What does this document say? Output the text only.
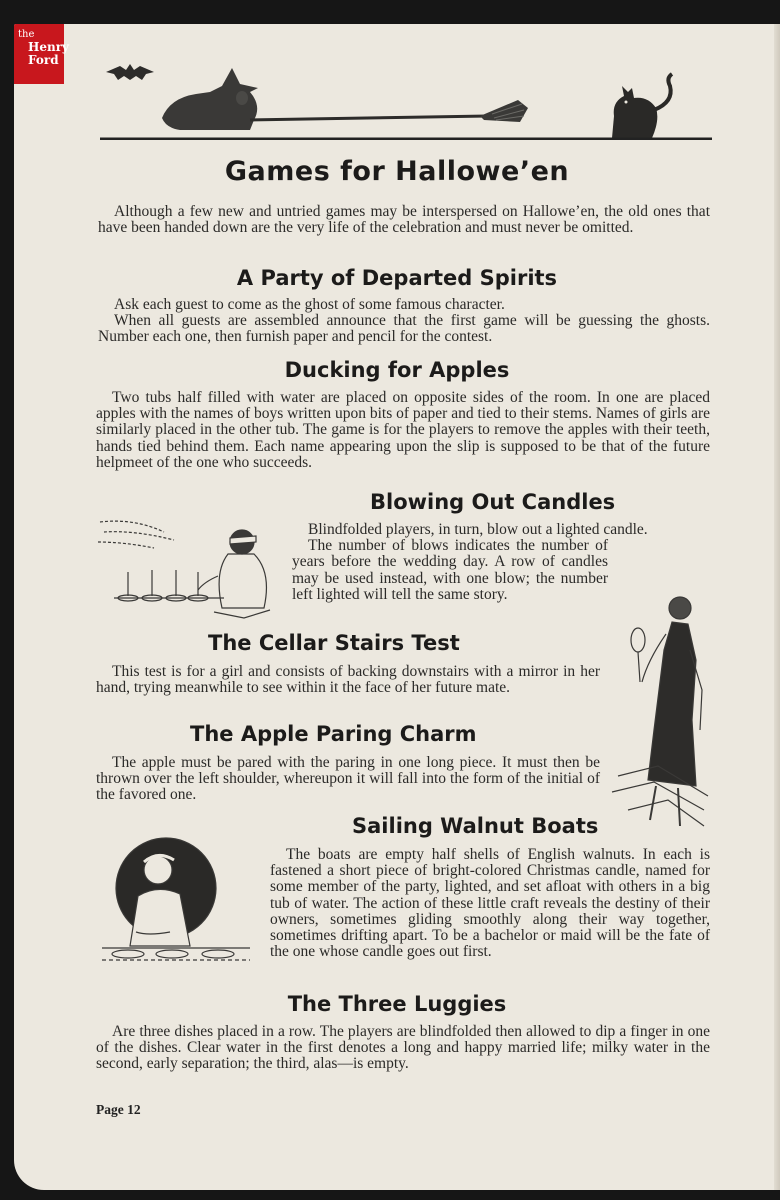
the
Henry
Ford
Games for Hallowe’en

Although a few new and untried games may be interspersed on Hallowe’en, the old ones that have been handed down are the very life of the celebration and must never be omitted.

A Party of Departed Spirits

Ask each guest to come as the ghost of some famous character.
When all guests are assembled announce that the first game will be guessing the ghosts. Number each one, then furnish paper and pencil for the contest.

Ducking for Apples

Two tubs half filled with water are placed on opposite sides of the room. In one are placed apples with the names of boys written upon bits of paper and tied to their stems. Names of girls are similarly placed in the other tub. The game is for the players to remove the apples with their teeth, hands tied behind them. Each name appearing upon the slip is supposed to be that of the future helpmeet of the one who succeeds.

Blowing Out Candles

Blindfolded players, in turn, blow out a lighted candle.
The number of blows indicates the number of years before the wedding day. A row of candles may be used instead, with one blow; the number left lighted will tell the same story.

The Cellar Stairs Test

This test is for a girl and consists of backing downstairs with a mirror in her hand, trying meanwhile to see within it the face of her future mate.

The Apple Paring Charm

The apple must be pared with the paring in one long piece. It must then be thrown over the left shoulder, whereupon it will fall into the form of the initial of the favored one.

Sailing Walnut Boats

The boats are empty half shells of English walnuts. In each is fastened a short piece of bright-colored Christmas candle, named for some member of the party, lighted, and set afloat with others in a big tub of water. The action of these little craft reveals the destiny of their owners, sometimes gliding smoothly along their way together, sometimes drifting apart. To be a bachelor or maid will be the fate of the one whose candle goes out first.

The Three Luggies

Are three dishes placed in a row. The players are blindfolded then allowed to dip a finger in one of the dishes. Clear water in the first denotes a long and happy married life; milky water in the second, early separation; the third, alas—is empty.

Page 12
